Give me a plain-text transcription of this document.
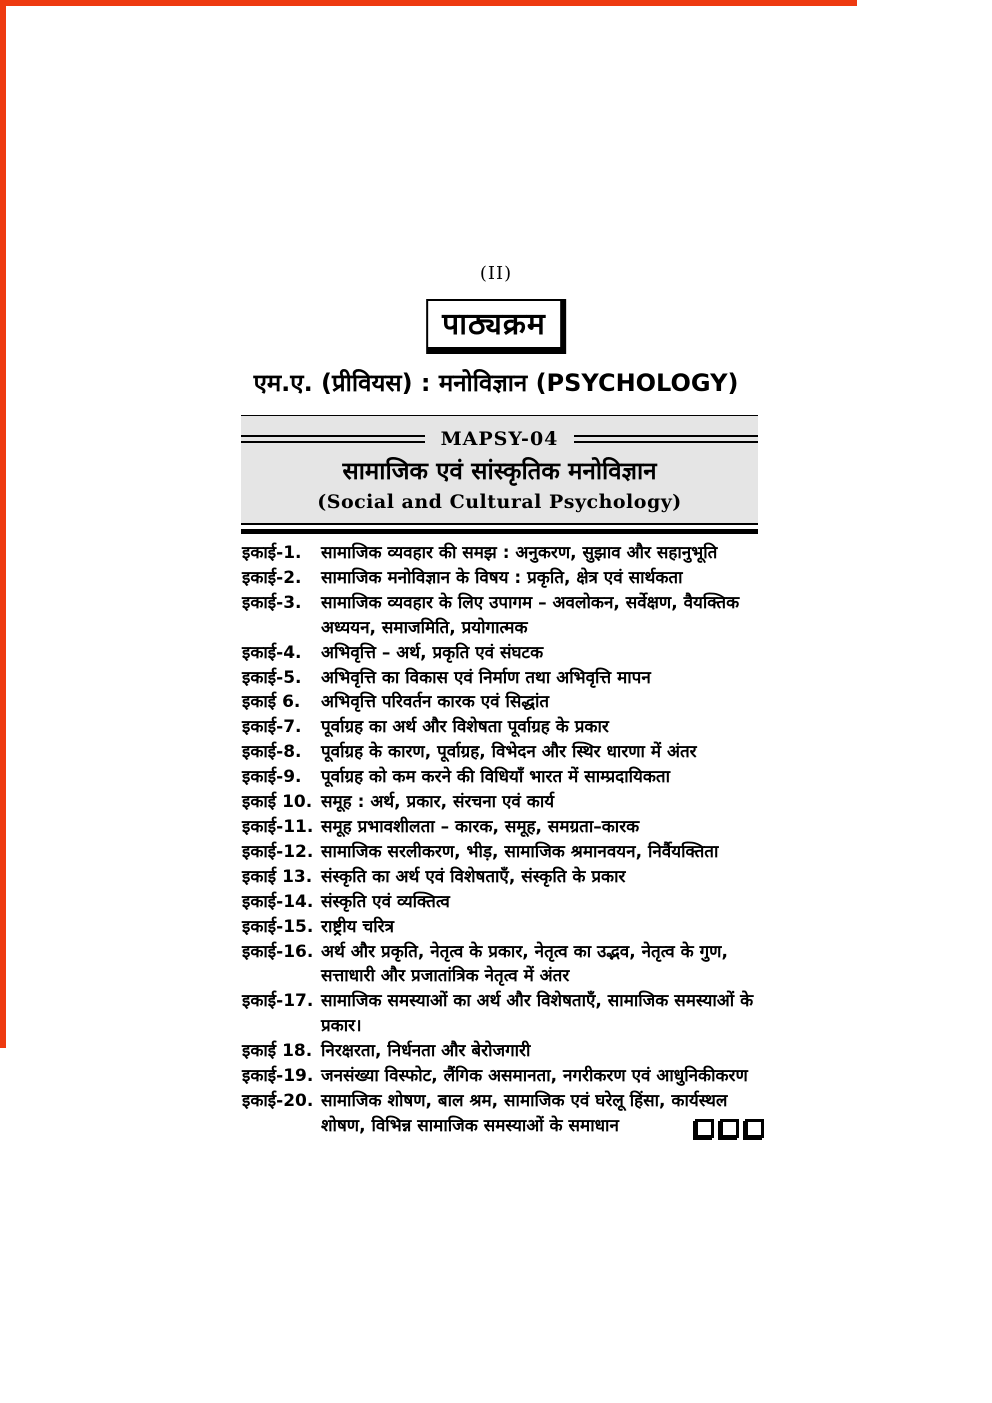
(II)
पाठ्यक्रम
एम.ए. (प्रीवियस) : मनोविज्ञान (PSYCHOLOGY)
MAPSY-04
सामाजिक एवं सांस्कृतिक मनोविज्ञान
(Social and Cultural Psychology)
इकाई-1.	सामाजिक व्यवहार की समझ : अनुकरण, सुझाव और सहानुभूति
इकाई-2.	सामाजिक मनोविज्ञान के विषय : प्रकृति, क्षेत्र एवं सार्थकता
इकाई-3.	सामाजिक व्यवहार के लिए उपागम – अवलोकन, सर्वेक्षण, वैयक्तिक अध्ययन, समाजमिति, प्रयोगात्मक
इकाई-4.	अभिवृत्ति – अर्थ, प्रकृति एवं संघटक
इकाई-5.	अभिवृत्ति का विकास एवं निर्माण तथा अभिवृत्ति मापन
इकाई 6.	अभिवृत्ति परिवर्तन कारक एवं सिद्धांत
इकाई-7.	पूर्वाग्रह का अर्थ और विशेषता पूर्वाग्रह के प्रकार
इकाई-8.	पूर्वाग्रह के कारण, पूर्वाग्रह, विभेदन और स्थिर धारणा में अंतर
इकाई-9.	पूर्वाग्रह को कम करने की विधियाँ भारत में साम्प्रदायिकता
इकाई 10. समूह : अर्थ, प्रकार, संरचना एवं कार्य
इकाई-11. समूह प्रभावशीलता – कारक, समूह, समग्रता–कारक
इकाई-12. सामाजिक सरलीकरण, भीड़, सामाजिक श्रमानवयन, निर्वैयक्तिता
इकाई 13. संस्कृति का अर्थ एवं विशेषताएँ, संस्कृति के प्रकार
इकाई-14. संस्कृति एवं व्यक्तित्व
इकाई-15. राष्ट्रीय चरित्र
इकाई-16. अर्थ और प्रकृति, नेतृत्व के प्रकार, नेतृत्व का उद्भव, नेतृत्व के गुण, सत्ताधारी और प्रजातांत्रिक नेतृत्व में अंतर
इकाई-17. सामाजिक समस्याओं का अर्थ और विशेषताएँ, सामाजिक समस्याओं के प्रकार।
इकाई 18. निरक्षरता, निर्धनता और बेरोजगारी
इकाई-19. जनसंख्या विस्फोट, लैंगिक असमानता, नगरीकरण एवं आधुनिकीकरण
इकाई-20. सामाजिक शोषण, बाल श्रम, सामाजिक एवं घरेलू हिंसा, कार्यस्थल शोषण, विभिन्न सामाजिक समस्याओं के समाधान
